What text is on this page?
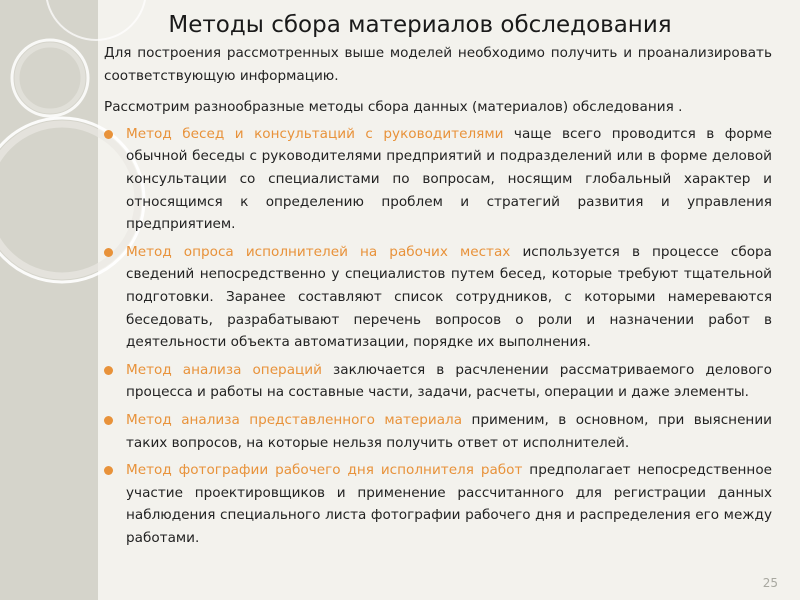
Методы сбора материалов обследования

Для построения рассмотренных выше моделей необходимо получить и проанализировать соответствующую информацию.

Рассмотрим разнообразные методы сбора данных (материалов) обследования .

Метод бесед и консультаций с руководителями чаще всего проводится в форме обычной беседы с руководителями предприятий и подразделений или в форме деловой консультации со специалистами по вопросам, носящим глобальный характер и относящимся к определению проблем и стратегий развития и управления предприятием.
Метод опроса исполнителей на рабочих местах используется в процессе сбора сведений непосредственно у специалистов путем бесед, которые требуют тщательной подготовки. Заранее составляют список сотрудников, с которыми намереваются беседовать, разрабатывают перечень вопросов о роли и назначении работ в деятельности объекта автоматизации, порядке их выполнения.
Метод анализа операций заключается в расчленении рассматриваемого делового процесса и работы на составные части, задачи, расчеты, операции и даже элементы.
Метод анализа представленного материала применим, в основном, при выяснении таких вопросов, на которые нельзя получить ответ от исполнителей.
Метод фотографии рабочего дня исполнителя работ предполагает непосредственное участие проектировщиков и применение рассчитанного для регистрации данных наблюдения специального листа фотографии рабочего дня и распределения его между работами.
25
